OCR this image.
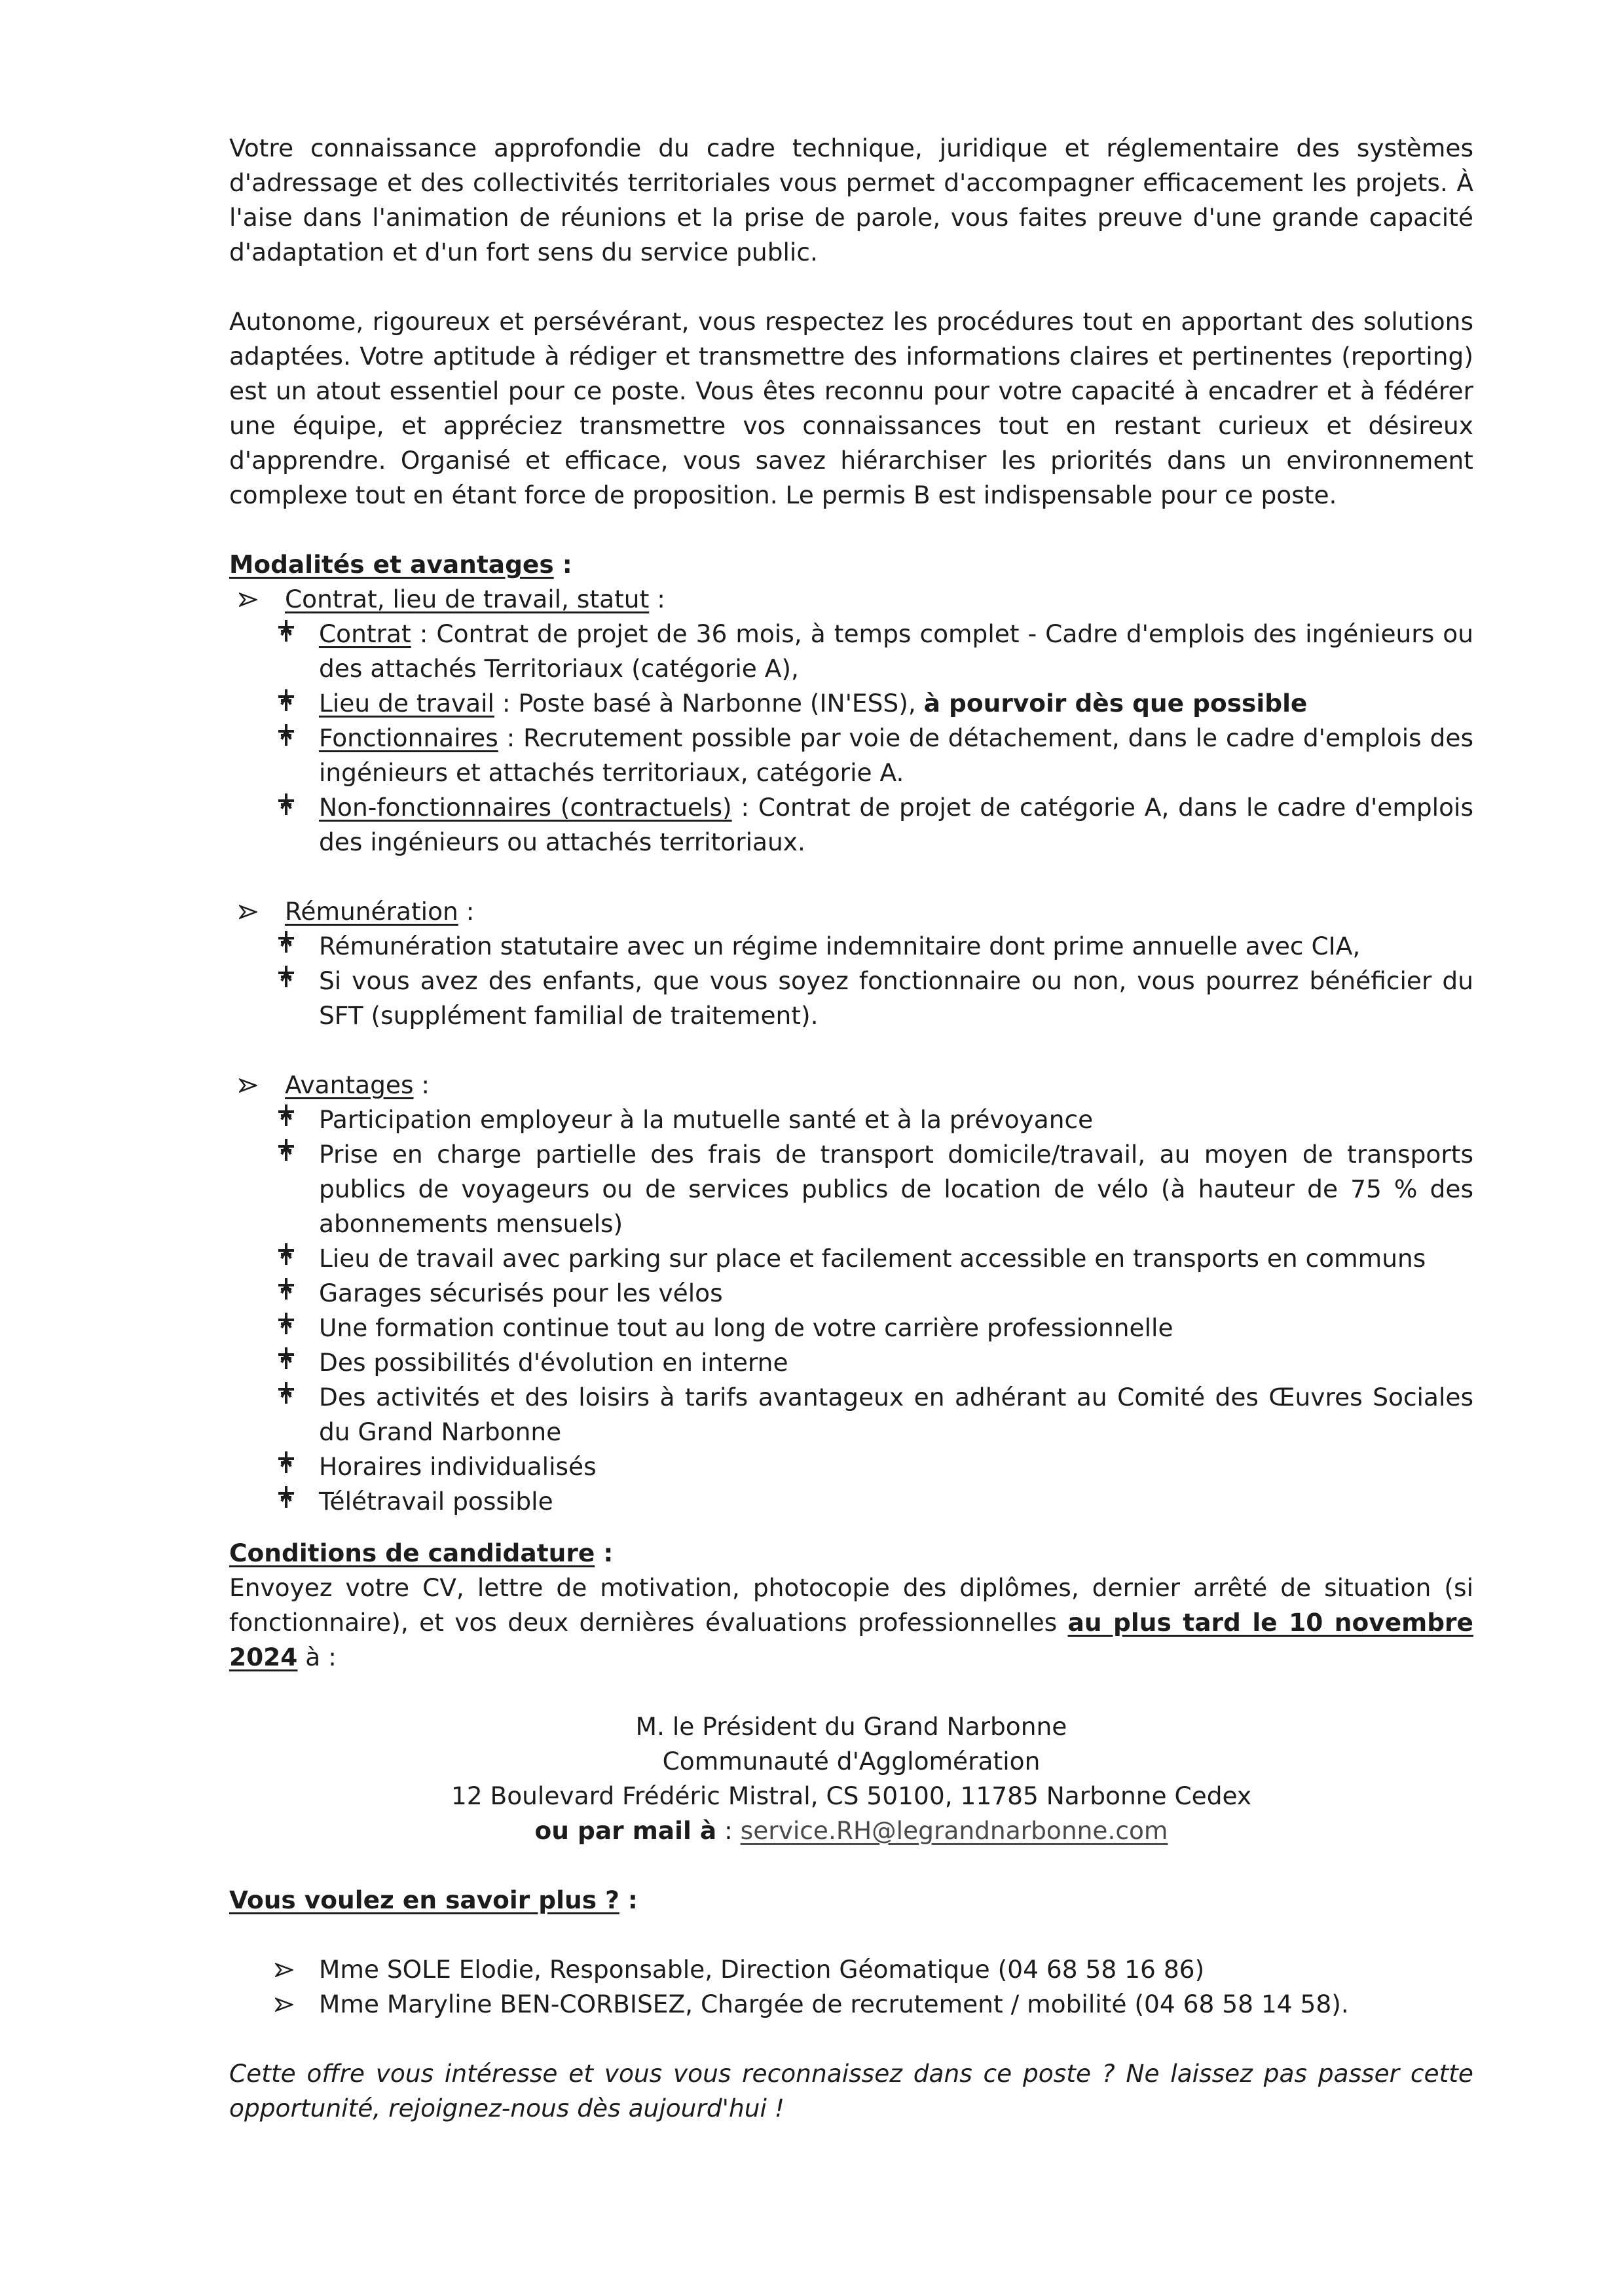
Votre connaissance approfondie du cadre technique, juridique et réglementaire des systèmes d'adressage et des collectivités territoriales vous permet d'accompagner efficacement les projets. À l'aise dans l'animation de réunions et la prise de parole, vous faites preuve d'une grande capacité d'adaptation et d'un fort sens du service public.

Autonome, rigoureux et persévérant, vous respectez les procédures tout en apportant des solutions adaptées. Votre aptitude à rédiger et transmettre des informations claires et pertinentes (reporting) est un atout essentiel pour ce poste. Vous êtes reconnu pour votre capacité à encadrer et à fédérer une équipe, et appréciez transmettre vos connaissances tout en restant curieux et désireux d'apprendre. Organisé et efficace, vous savez hiérarchiser les priorités dans un environnement complexe tout en étant force de proposition. Le permis B est indispensable pour ce poste.

Modalités et avantages :

Contrat, lieu de travail, statut :
Contrat : Contrat de projet de 36 mois, à temps complet - Cadre d'emplois des ingénieurs ou des attachés Territoriaux (catégorie A),
Lieu de travail : Poste basé à Narbonne (IN'ESS), à pourvoir dès que possible
Fonctionnaires : Recrutement possible par voie de détachement, dans le cadre d'emplois des ingénieurs et attachés territoriaux, catégorie A.
Non-fonctionnaires (contractuels) : Contrat de projet de catégorie A, dans le cadre d'emplois des ingénieurs ou attachés territoriaux.
Rémunération :
Rémunération statutaire avec un régime indemnitaire dont prime annuelle avec CIA,
Si vous avez des enfants, que vous soyez fonctionnaire ou non, vous pourrez bénéficier du SFT (supplément familial de traitement).
Avantages :
Participation employeur à la mutuelle santé et à la prévoyance
Prise en charge partielle des frais de transport domicile/travail, au moyen de transports publics de voyageurs ou de services publics de location de vélo (à hauteur de 75 % des abonnements mensuels)
Lieu de travail avec parking sur place et facilement accessible en transports en communs
Garages sécurisés pour les vélos
Une formation continue tout au long de votre carrière professionnelle
Des possibilités d'évolution en interne
Des activités et des loisirs à tarifs avantageux en adhérant au Comité des Œuvres Sociales du Grand Narbonne
Horaires individualisés
Télétravail possible

Conditions de candidature :

Envoyez votre CV, lettre de motivation, photocopie des diplômes, dernier arrêté de situation (si fonctionnaire), et vos deux dernières évaluations professionnelles au plus tard le 10 novembre 2024 à :

M. le Président du Grand Narbonne
Communauté d'Agglomération
12 Boulevard Frédéric Mistral, CS 50100, 11785 Narbonne Cedex
ou par mail à : service.RH@legrandnarbonne.com

Vous voulez en savoir plus ? :

Mme SOLE Elodie, Responsable, Direction Géomatique (04 68 58 16 86)
Mme Maryline BEN-CORBISEZ, Chargée de recrutement / mobilité (04 68 58 14 58).

Cette offre vous intéresse et vous vous reconnaissez dans ce poste ? Ne laissez pas passer cette opportunité, rejoignez-nous dès aujourd'hui !
